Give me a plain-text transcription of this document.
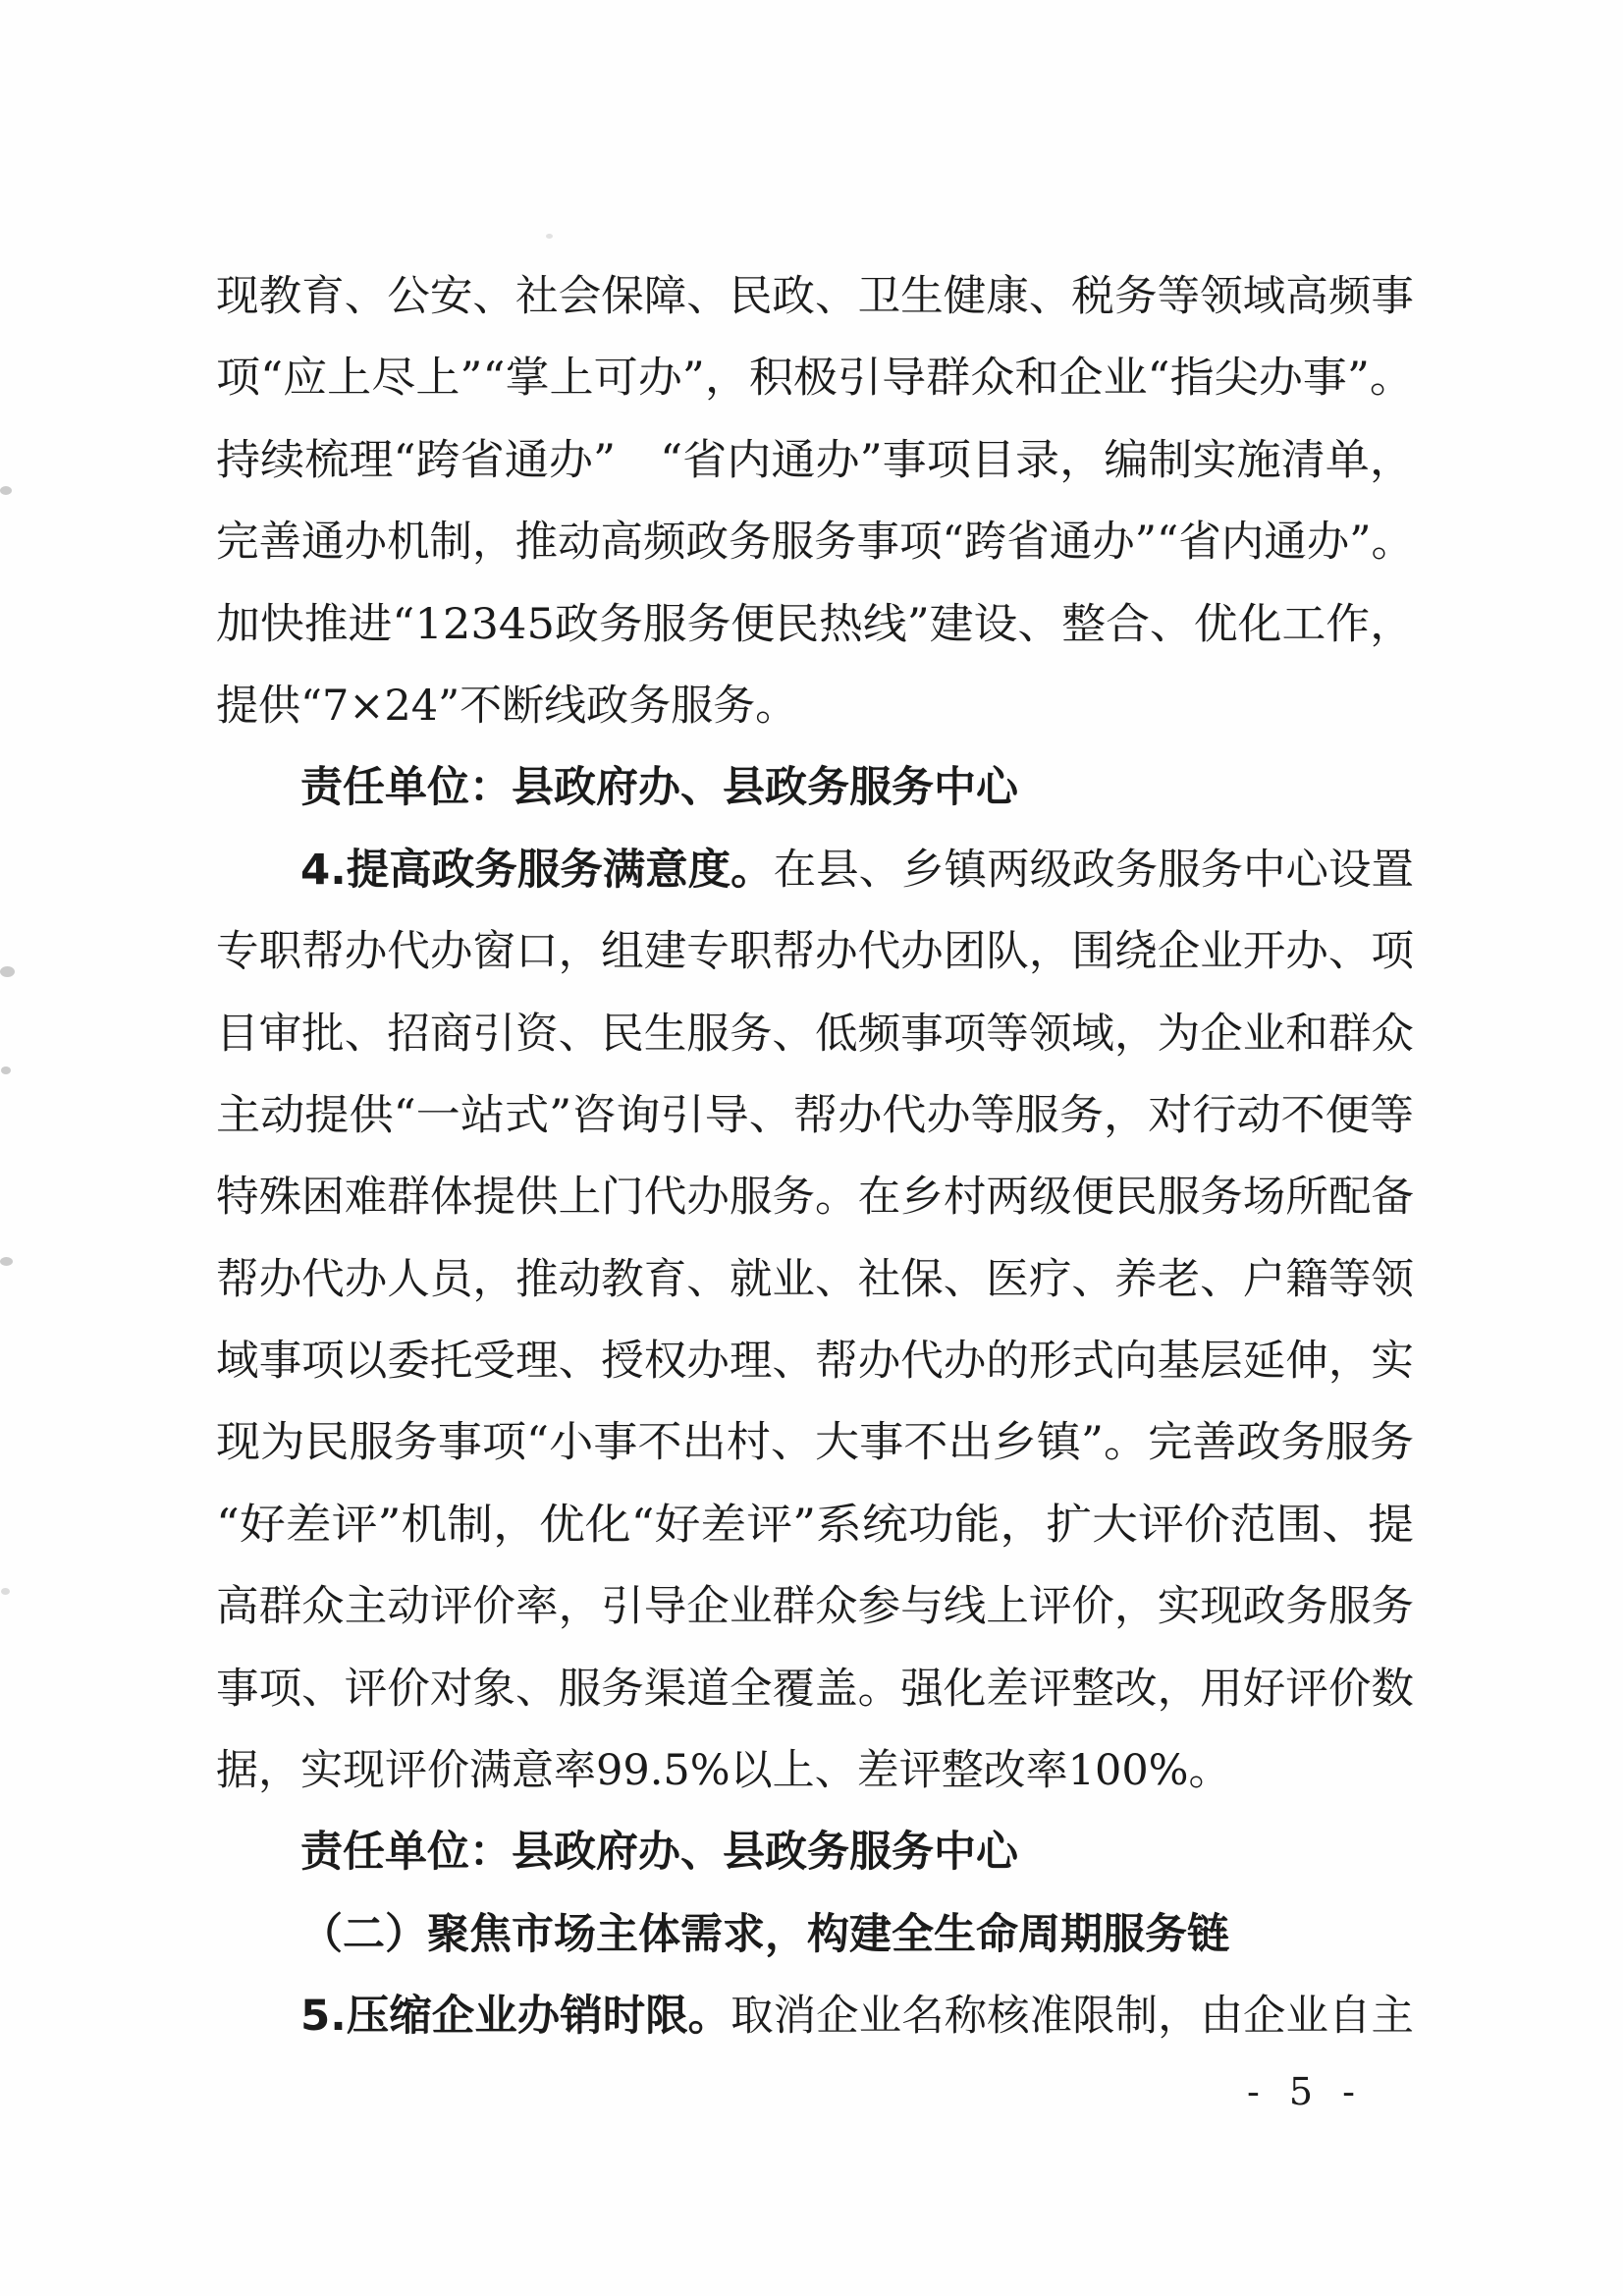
现教育、公安、社会保障、民政、卫生健康、税务等领域高频事
项“应上尽上”“掌上可办”，积极引导群众和企业“指尖办事”。
持续梳理“跨省通办”　“省内通办”事项目录，编制实施清单，
完善通办机制，推动高频政务服务事项“跨省通办”“省内通办”。
加快推进“12345政务服务便民热线”建设、整合、优化工作，
提供“7×24”不断线政务服务。
责任单位：县政府办、县政务服务中心
4.提高政务服务满意度。在县、乡镇两级政务服务中心设置
专职帮办代办窗口，组建专职帮办代办团队，围绕企业开办、项
目审批、招商引资、民生服务、低频事项等领域，为企业和群众
主动提供“一站式”咨询引导、帮办代办等服务，对行动不便等
特殊困难群体提供上门代办服务。在乡村两级便民服务场所配备
帮办代办人员，推动教育、就业、社保、医疗、养老、户籍等领
域事项以委托受理、授权办理、帮办代办的形式向基层延伸，实
现为民服务事项“小事不出村、大事不出乡镇”。完善政务服务
“好差评”机制，优化“好差评”系统功能，扩大评价范围、提
高群众主动评价率，引导企业群众参与线上评价，实现政务服务
事项、评价对象、服务渠道全覆盖。强化差评整改，用好评价数
据，实现评价满意率99.5%以上、差评整改率100%。
责任单位：县政府办、县政务服务中心
（二）聚焦市场主体需求，构建全生命周期服务链
5.压缩企业办销时限。取消企业名称核准限制，由企业自主
- 5 -
